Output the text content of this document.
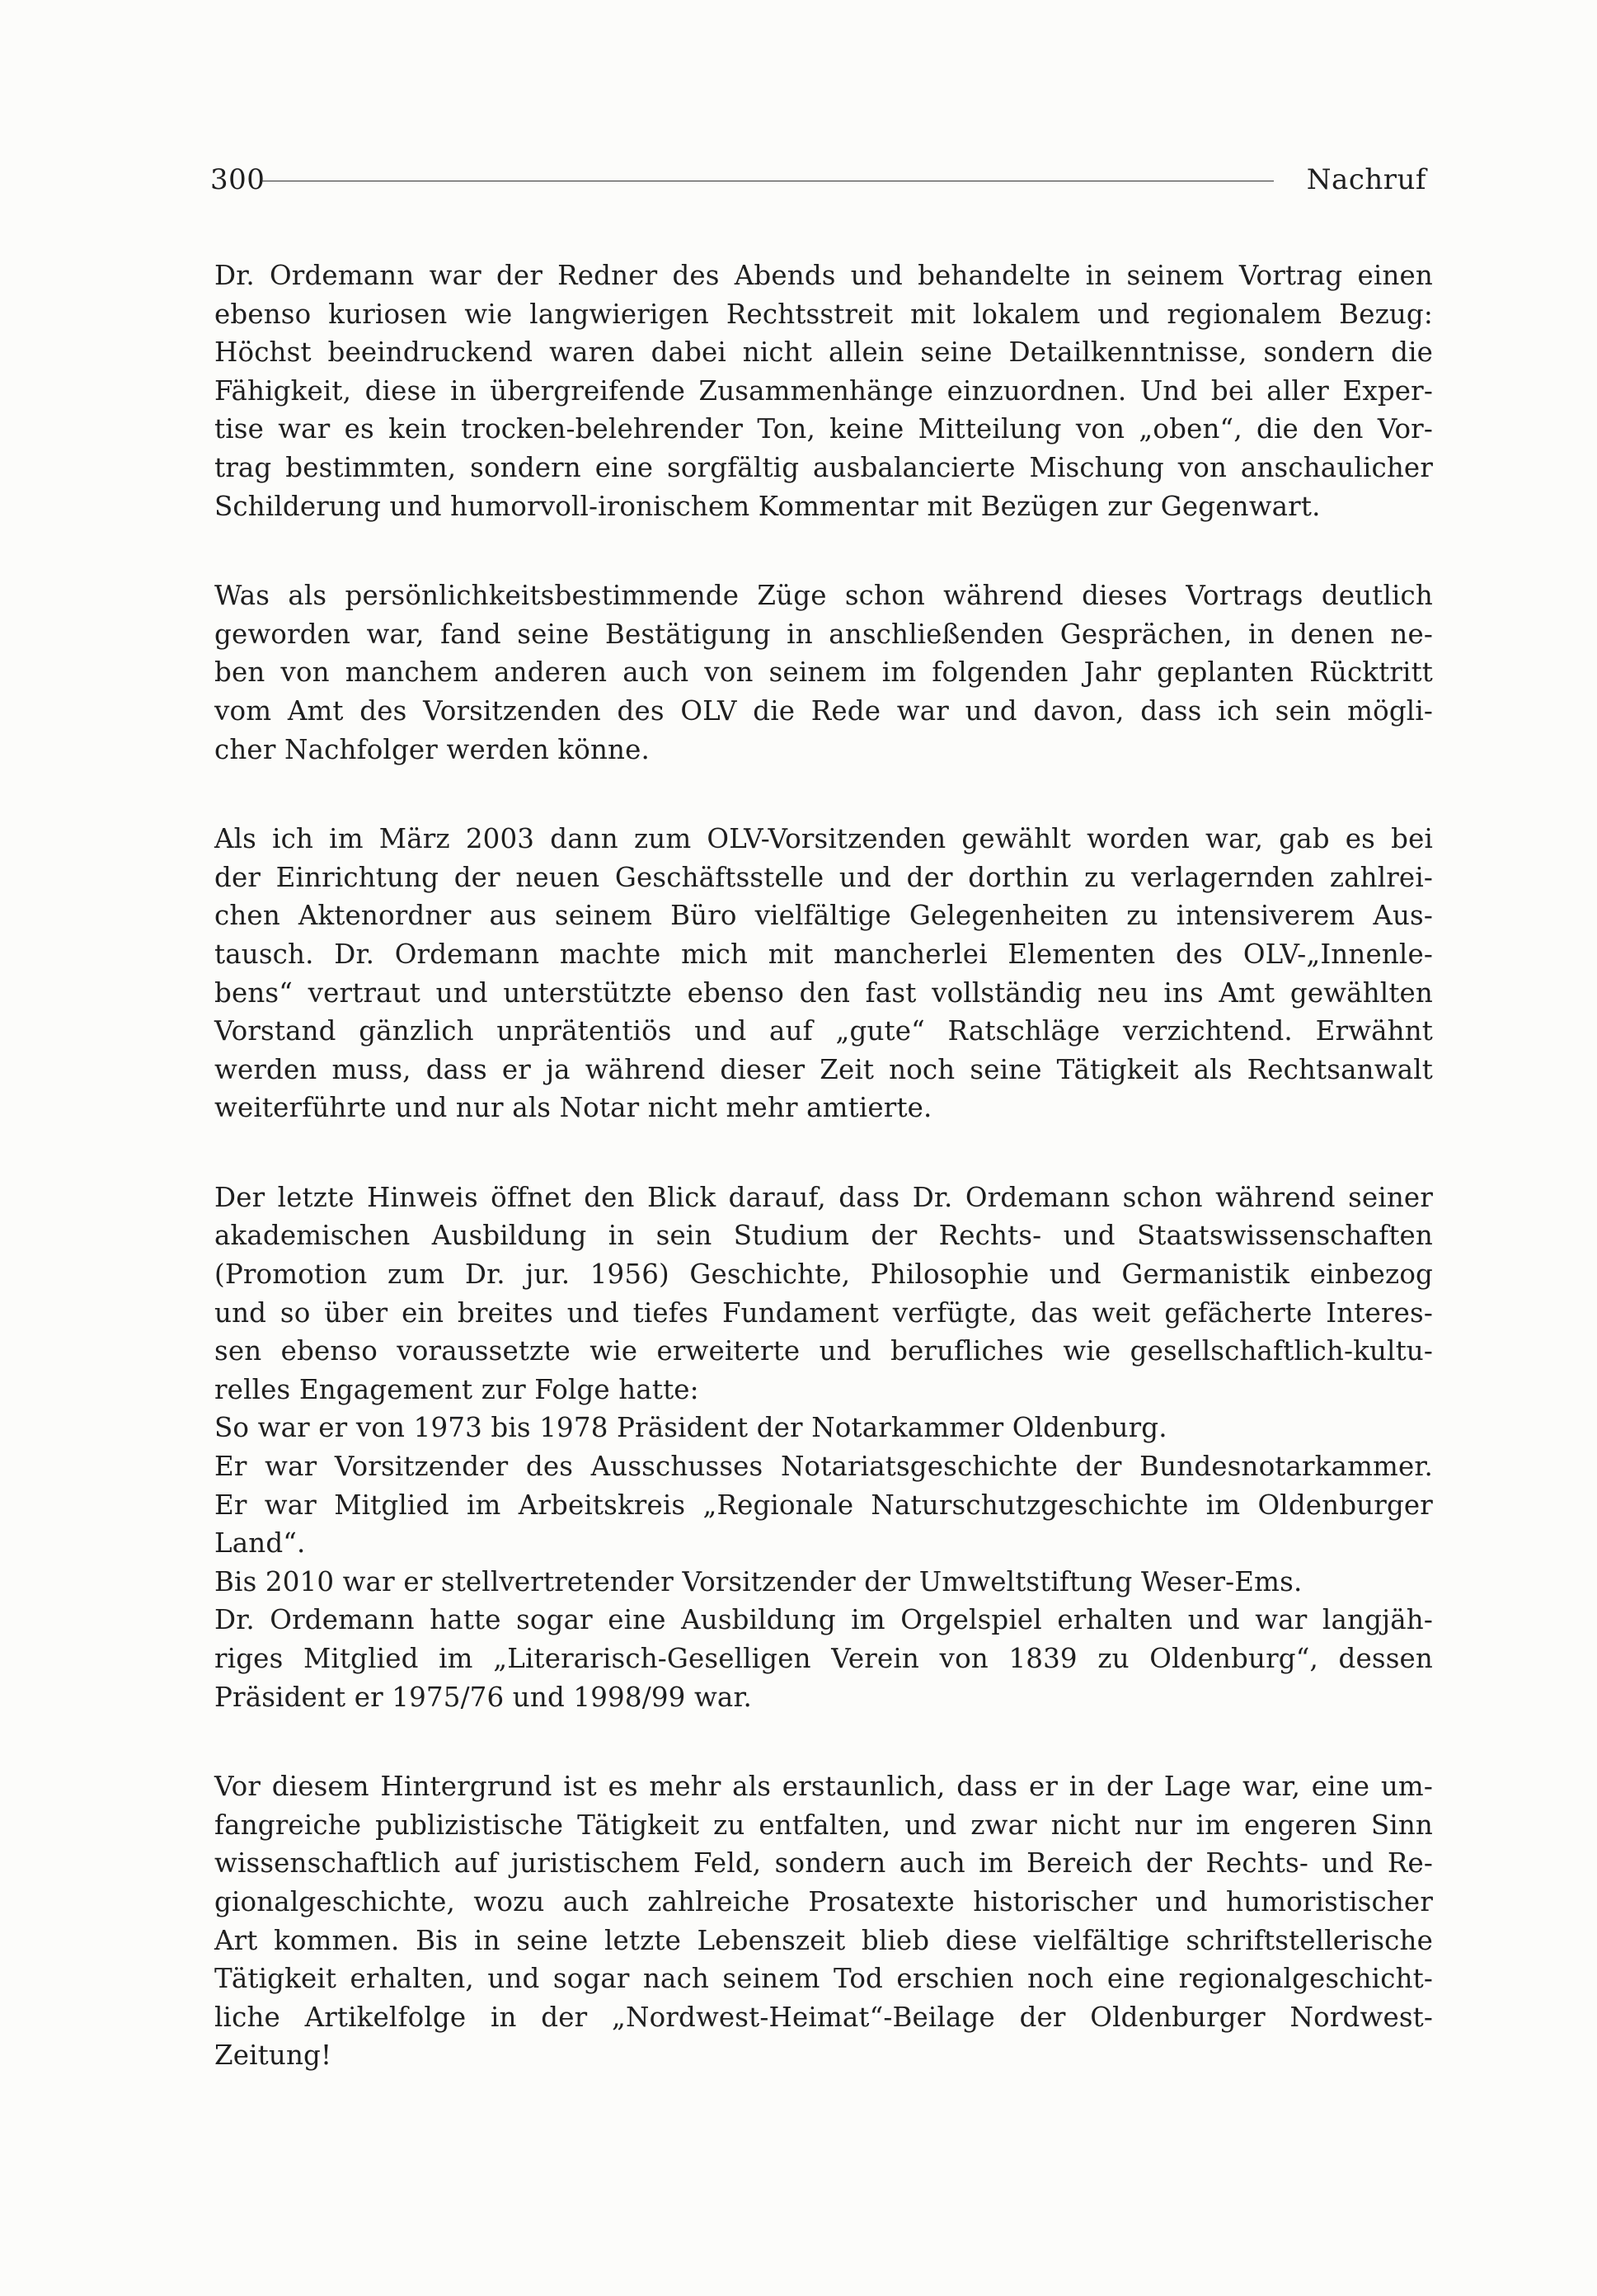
300	Nachruf
Dr. Ordemann war der Redner des Abends und behandelte in seinem Vortrag einen
ebenso kuriosen wie langwierigen Rechtsstreit mit lokalem und regionalem Bezug:
Höchst beeindruckend waren dabei nicht allein seine Detailkenntnisse, sondern die
Fähigkeit, diese in übergreifende Zusammenhänge einzuordnen. Und bei aller Exper-
tise war es kein trocken-belehrender Ton, keine Mitteilung von „oben“, die den Vor-
trag bestimmten, sondern eine sorgfältig ausbalancierte Mischung von anschaulicher
Schilderung und humorvoll-ironischem Kommentar mit Bezügen zur Gegenwart.
Was als persönlichkeitsbestimmende Züge schon während dieses Vortrags deutlich
geworden war, fand seine Bestätigung in anschließenden Gesprächen, in denen ne-
ben von manchem anderen auch von seinem im folgenden Jahr geplanten Rücktritt
vom Amt des Vorsitzenden des OLV die Rede war und davon, dass ich sein mögli-
cher Nachfolger werden könne.
Als ich im März 2003 dann zum OLV-Vorsitzenden gewählt worden war, gab es bei
der Einrichtung der neuen Geschäftsstelle und der dorthin zu verlagernden zahlrei-
chen Aktenordner aus seinem Büro vielfältige Gelegenheiten zu intensiverem Aus-
tausch. Dr. Ordemann machte mich mit mancherlei Elementen des OLV-„Innenle-
bens“ vertraut und unterstützte ebenso den fast vollständig neu ins Amt gewählten
Vorstand gänzlich unprätentiös und auf „gute“ Ratschläge verzichtend. Erwähnt
werden muss, dass er ja während dieser Zeit noch seine Tätigkeit als Rechtsanwalt
weiterführte und nur als Notar nicht mehr amtierte.
Der letzte Hinweis öffnet den Blick darauf, dass Dr. Ordemann schon während seiner
akademischen Ausbildung in sein Studium der Rechts- und Staatswissenschaften
(Promotion zum Dr. jur. 1956) Geschichte, Philosophie und Germanistik einbezog
und so über ein breites und tiefes Fundament verfügte, das weit gefächerte Interes-
sen ebenso voraussetzte wie erweiterte und berufliches wie gesellschaftlich-kultu-
relles Engagement zur Folge hatte:
So war er von 1973 bis 1978 Präsident der Notarkammer Oldenburg.
Er war Vorsitzender des Ausschusses Notariatsgeschichte der Bundesnotarkammer.
Er war Mitglied im Arbeitskreis „Regionale Naturschutzgeschichte im Oldenburger
Land“.
Bis 2010 war er stellvertretender Vorsitzender der Umweltstiftung Weser-Ems.
Dr. Ordemann hatte sogar eine Ausbildung im Orgelspiel erhalten und war langjäh-
riges Mitglied im „Literarisch-Geselligen Verein von 1839 zu Oldenburg“, dessen
Präsident er 1975/76 und 1998/99 war.
Vor diesem Hintergrund ist es mehr als erstaunlich, dass er in der Lage war, eine um-
fangreiche publizistische Tätigkeit zu entfalten, und zwar nicht nur im engeren Sinn
wissenschaftlich auf juristischem Feld, sondern auch im Bereich der Rechts- und Re-
gionalgeschichte, wozu auch zahlreiche Prosatexte historischer und humoristischer
Art kommen. Bis in seine letzte Lebenszeit blieb diese vielfältige schriftstellerische
Tätigkeit erhalten, und sogar nach seinem Tod erschien noch eine regionalgeschicht-
liche Artikelfolge in der „Nordwest-Heimat“-Beilage der Oldenburger Nordwest-
Zeitung!
